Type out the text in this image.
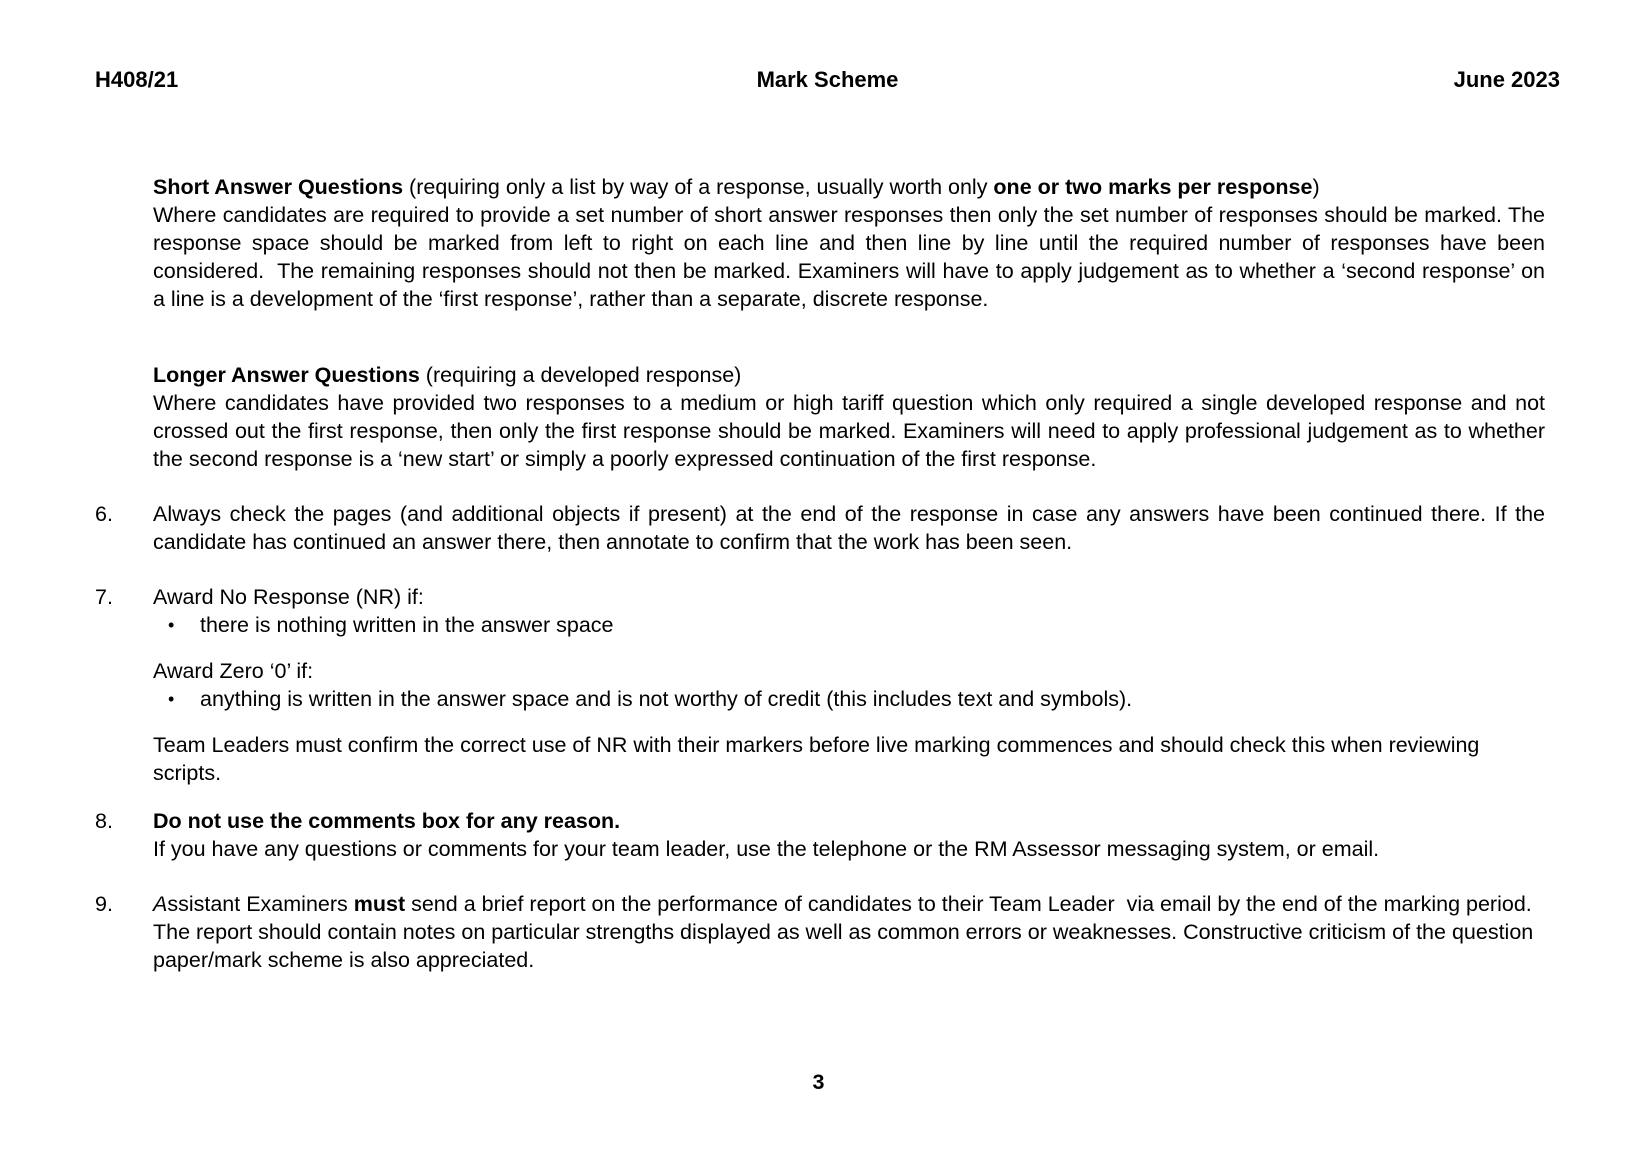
H408/21	Mark Scheme	June 2023

Short Answer Questions (requiring only a list by way of a response, usually worth only one or two marks per response)
Where candidates are required to provide a set number of short answer responses then only the set number of responses should be marked. The response space should be marked from left to right on each line and then line by line until the required number of responses have been considered.  The remaining responses should not then be marked. Examiners will have to apply judgement as to whether a ‘second response’ on a line is a development of the ‘first response’, rather than a separate, discrete response.

Longer Answer Questions (requiring a developed response)
Where candidates have provided two responses to a medium or high tariff question which only required a single developed response and not crossed out the first response, then only the first response should be marked. Examiners will need to apply professional judgement as to whether the second response is a ‘new start’ or simply a poorly expressed continuation of the first response.

6.	Always check the pages (and additional objects if present) at the end of the response in case any answers have been continued there. If the candidate has continued an answer there, then annotate to confirm that the work has been seen.
7.	Award No Response (NR) if:
•	there is nothing written in the answer space
Award Zero ‘0’ if:
•	anything is written in the answer space and is not worthy of credit (this includes text and symbols).
Team Leaders must confirm the correct use of NR with their markers before live marking commences and should check this when reviewing scripts.
8.	Do not use the comments box for any reason.
If you have any questions or comments for your team leader, use the telephone or the RM Assessor messaging system, or email.
9.	Assistant Examiners must send a brief report on the performance of candidates to their Team Leader  via email by the end of the marking period. The report should contain notes on particular strengths displayed as well as common errors or weaknesses. Constructive criticism of the question paper/mark scheme is also appreciated.
3
